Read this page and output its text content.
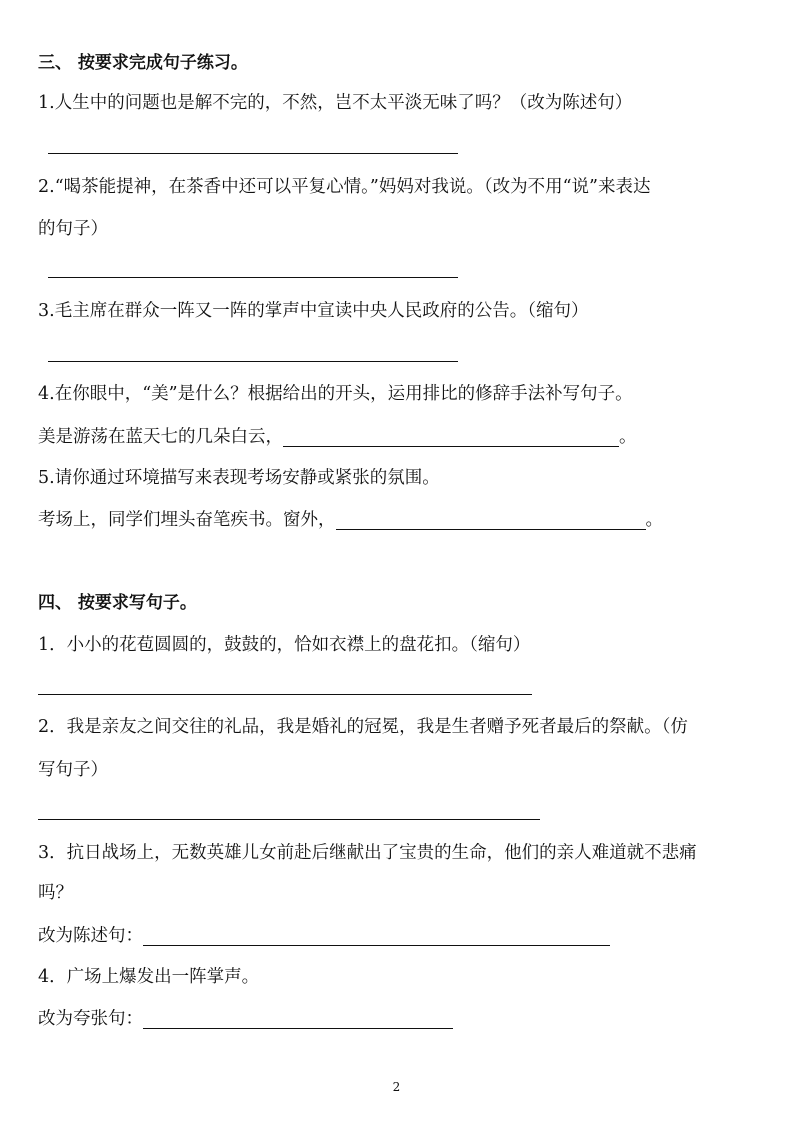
三、 按要求完成句子练习。
1.人生中的问题也是解不完的，不然，岂不太平淡无味了吗？（改为陈述句）
2.“喝茶能提神，在茶香中还可以平复心情。”妈妈对我说。（改为不用“说”来表达
的句子）
3.毛主席在群众一阵又一阵的掌声中宣读中央人民政府的公告。（缩句）
4.在你眼中，“美”是什么？根据给出的开头，运用排比的修辞手法补写句子。
美是游荡在蓝天七的几朵白云，	。
5.请你通过环境描写来表现考场安静或紧张的氛围。
考场上，同学们埋头奋笔疾书。窗外，	。
四、 按要求写句子。
1．小小的花苞圆圆的，鼓鼓的，恰如衣襟上的盘花扣。（缩句）
2．我是亲友之间交往的礼品，我是婚礼的冠冕，我是生者赠予死者最后的祭献。（仿
写句子）
3．抗日战场上，无数英雄儿女前赴后继献出了宝贵的生命，他们的亲人难道就不悲痛
吗？
改为陈述句：
4．广场上爆发出一阵掌声。
改为夸张句：
2
